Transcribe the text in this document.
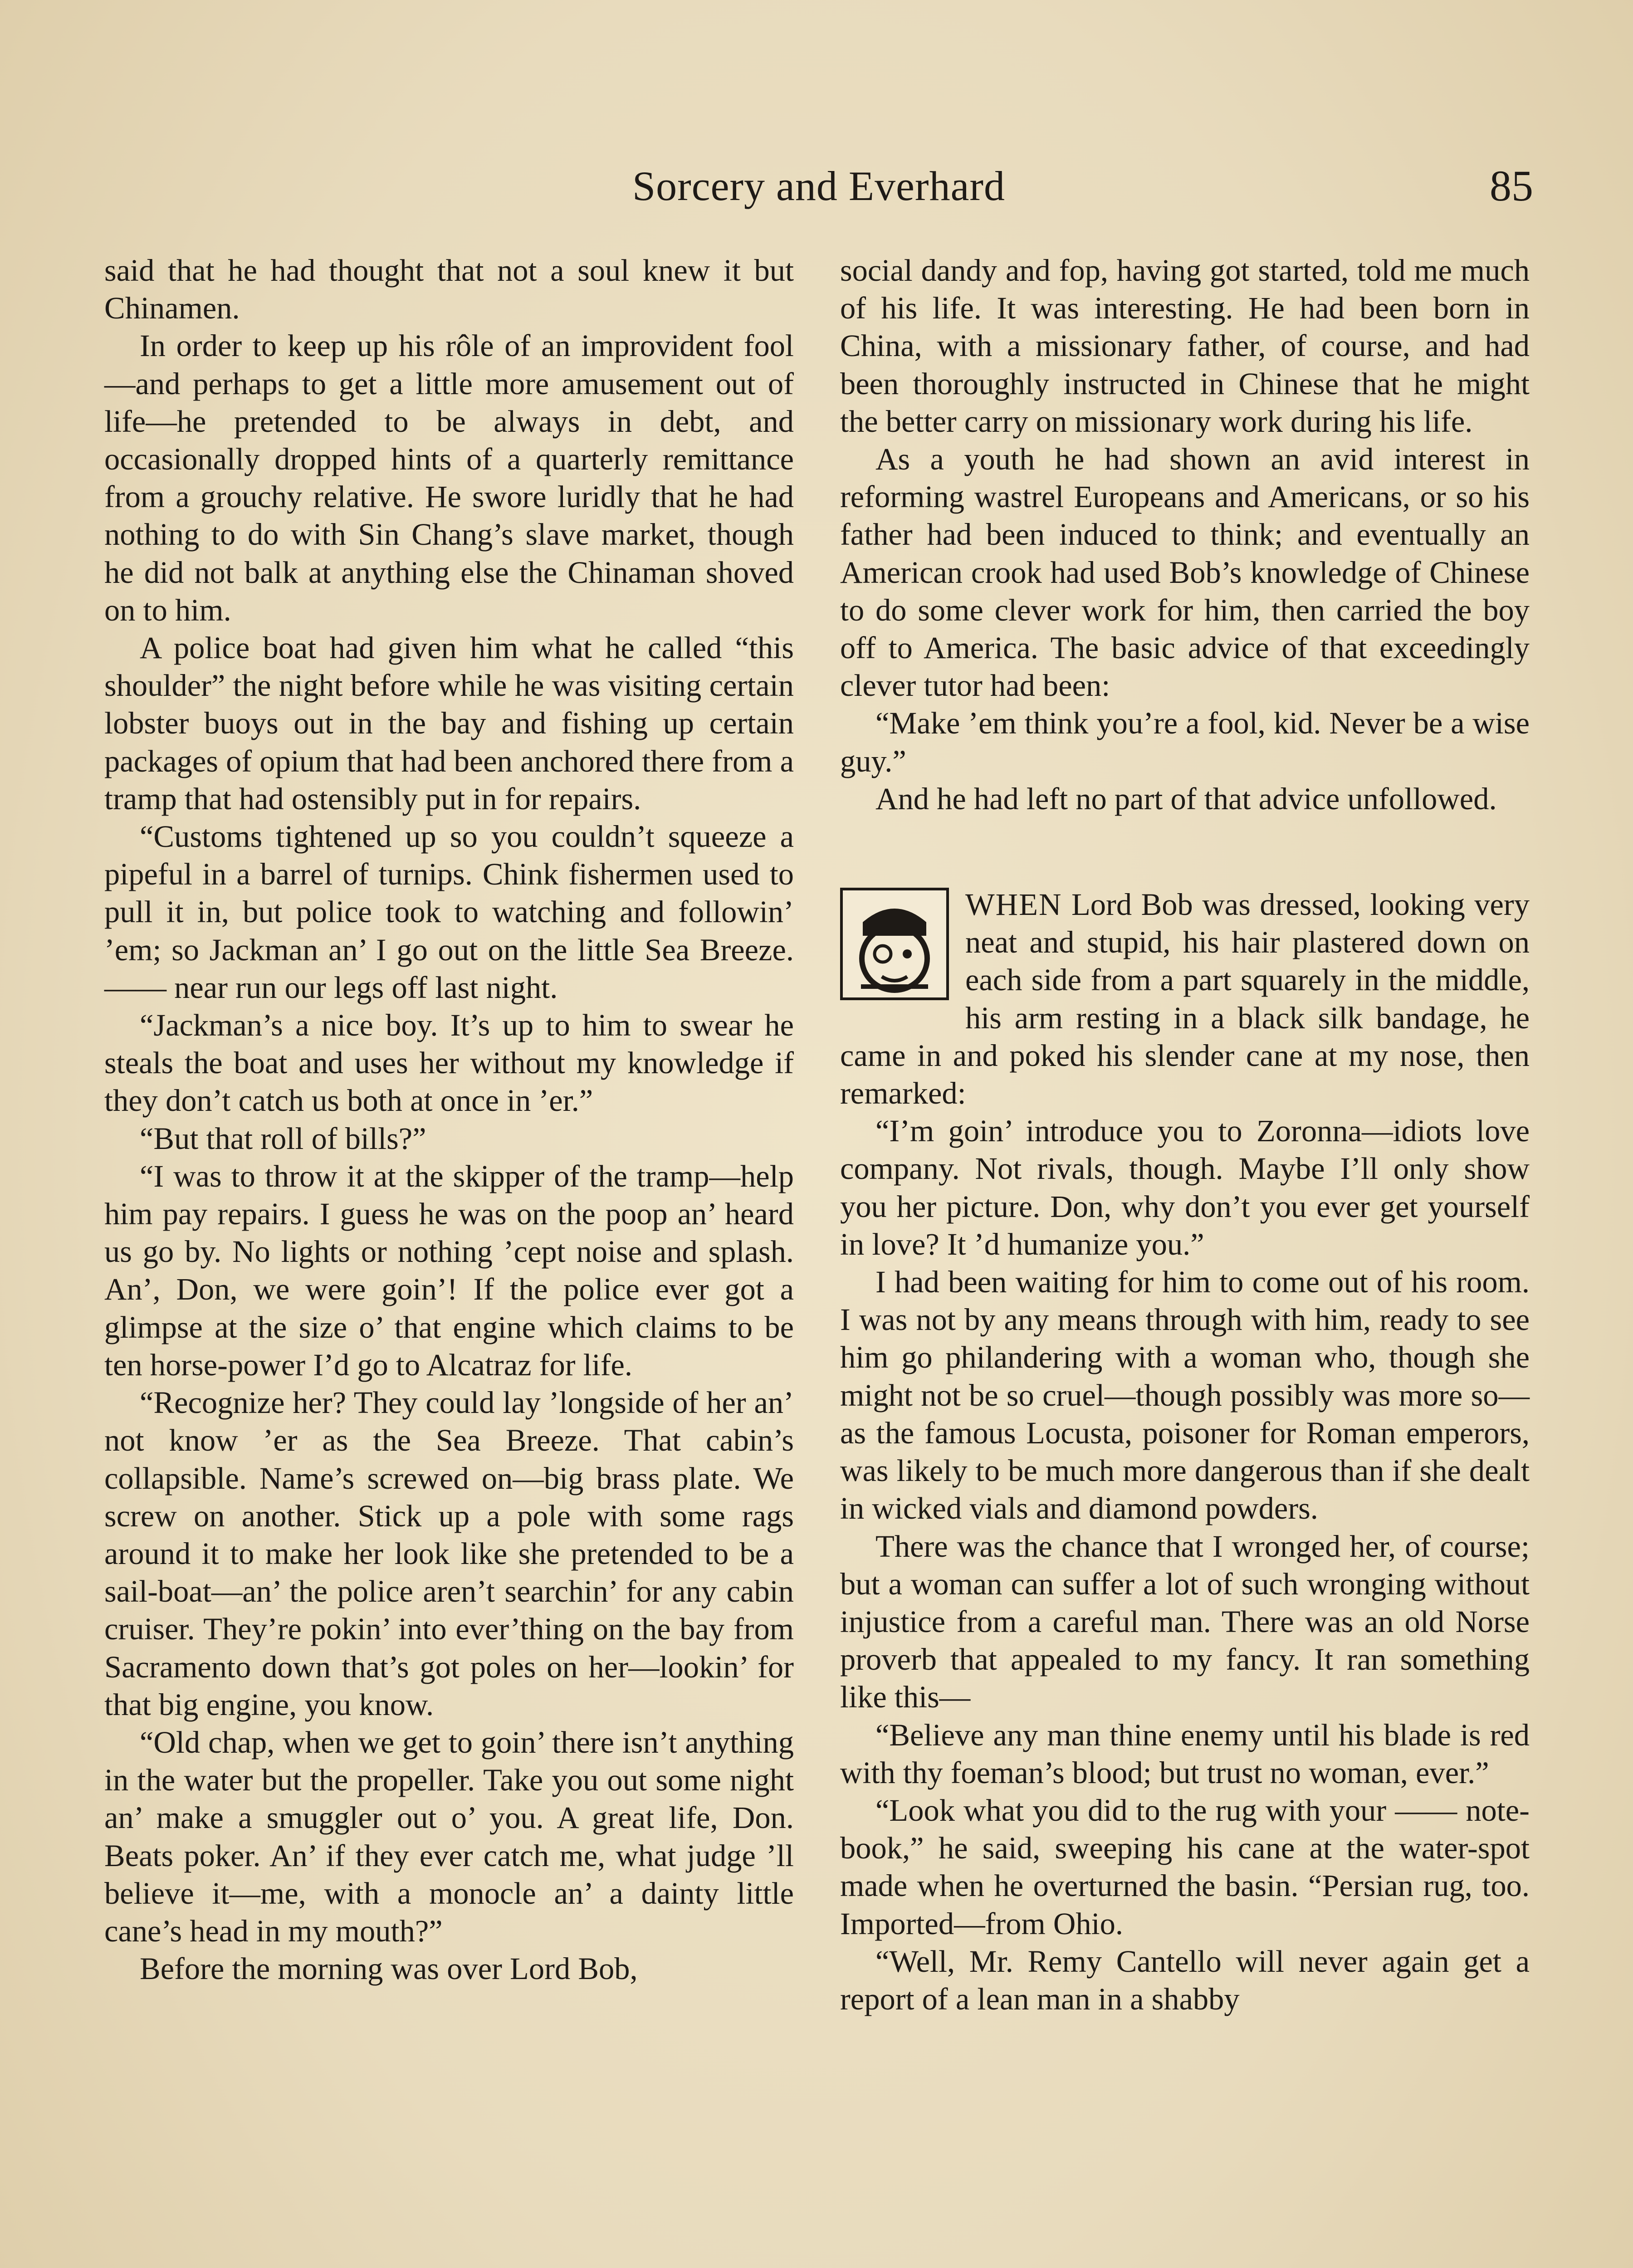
Sorcery and Everhard	85

said that he had thought that not a soul knew it but Chinamen.

In order to keep up his rôle of an improvident fool—and perhaps to get a little more amusement out of life—he pretended to be always in debt, and occasionally dropped hints of a quarterly remittance from a grouchy relative. He swore luridly that he had nothing to do with Sin Chang’s slave market, though he did not balk at anything else the Chinaman shoved on to him.

A police boat had given him what he called “this shoulder” the night before while he was visiting certain lobster buoys out in the bay and fishing up certain packages of opium that had been anchored there from a tramp that had ostensibly put in for repairs.

“Customs tightened up so you couldn’t squeeze a pipeful in a barrel of turnips. Chink fishermen used to pull it in, but police took to watching and followin’ ’em; so Jackman an’ I go out on the little Sea Breeze. —— near run our legs off last night.

“Jackman’s a nice boy. It’s up to him to swear he steals the boat and uses her without my knowledge if they don’t catch us both at once in ’er.”

“But that roll of bills?”

“I was to throw it at the skipper of the tramp—help him pay repairs. I guess he was on the poop an’ heard us go by. No lights or nothing ’cept noise and splash. An’, Don, we were goin’! If the police ever got a glimpse at the size o’ that engine which claims to be ten horse-power I’d go to Alcatraz for life.

“Recognize her? They could lay ’longside of her an’ not know ’er as the Sea Breeze. That cabin’s collapsible. Name’s screwed on—big brass plate. We screw on another. Stick up a pole with some rags around it to make her look like she pretended to be a sail-boat—an’ the police aren’t searchin’ for any cabin cruiser. They’re pokin’ into ever’thing on the bay from Sacramento down that’s got poles on her—lookin’ for that big engine, you know.

“Old chap, when we get to goin’ there isn’t anything in the water but the propeller. Take you out some night an’ make a smuggler out o’ you. A great life, Don. Beats poker. An’ if they ever catch me, what judge ’ll believe it—me, with a monocle an’ a dainty little cane’s head in my mouth?”

Before the morning was over Lord Bob,

social dandy and fop, having got started, told me much of his life. It was interesting. He had been born in China, with a missionary father, of course, and had been thoroughly instructed in Chinese that he might the better carry on missionary work during his life.

As a youth he had shown an avid interest in reforming wastrel Europeans and Americans, or so his father had been induced to think; and eventually an American crook had used Bob’s knowledge of Chinese to do some clever work for him, then carried the boy off to America. The basic advice of that exceedingly clever tutor had been:

“Make ’em think you’re a fool, kid. Never be a wise guy.”

And he had left no part of that advice unfollowed.

WHEN Lord Bob was dressed, looking very neat and stupid, his hair plastered down on each side from a part squarely in the middle, his arm resting in a black silk bandage, he came in and poked his slender cane at my nose, then remarked:

“I’m goin’ introduce you to Zoronna—idiots love company. Not rivals, though. Maybe I’ll only show you her picture. Don, why don’t you ever get yourself in love? It ’d humanize you.”

I had been waiting for him to come out of his room. I was not by any means through with him, ready to see him go philandering with a woman who, though she might not be so cruel—though possibly was more so—as the famous Locusta, poisoner for Roman emperors, was likely to be much more dangerous than if she dealt in wicked vials and diamond powders.

There was the chance that I wronged her, of course; but a woman can suffer a lot of such wronging without injustice from a careful man. There was an old Norse proverb that appealed to my fancy. It ran something like this—

“Believe any man thine enemy until his blade is red with thy foeman’s blood; but trust no woman, ever.”

“Look what you did to the rug with your —— note-book,” he said, sweeping his cane at the water-spot made when he overturned the basin. “Persian rug, too. Imported—from Ohio.

“Well, Mr. Remy Cantello will never again get a report of a lean man in a shabby
